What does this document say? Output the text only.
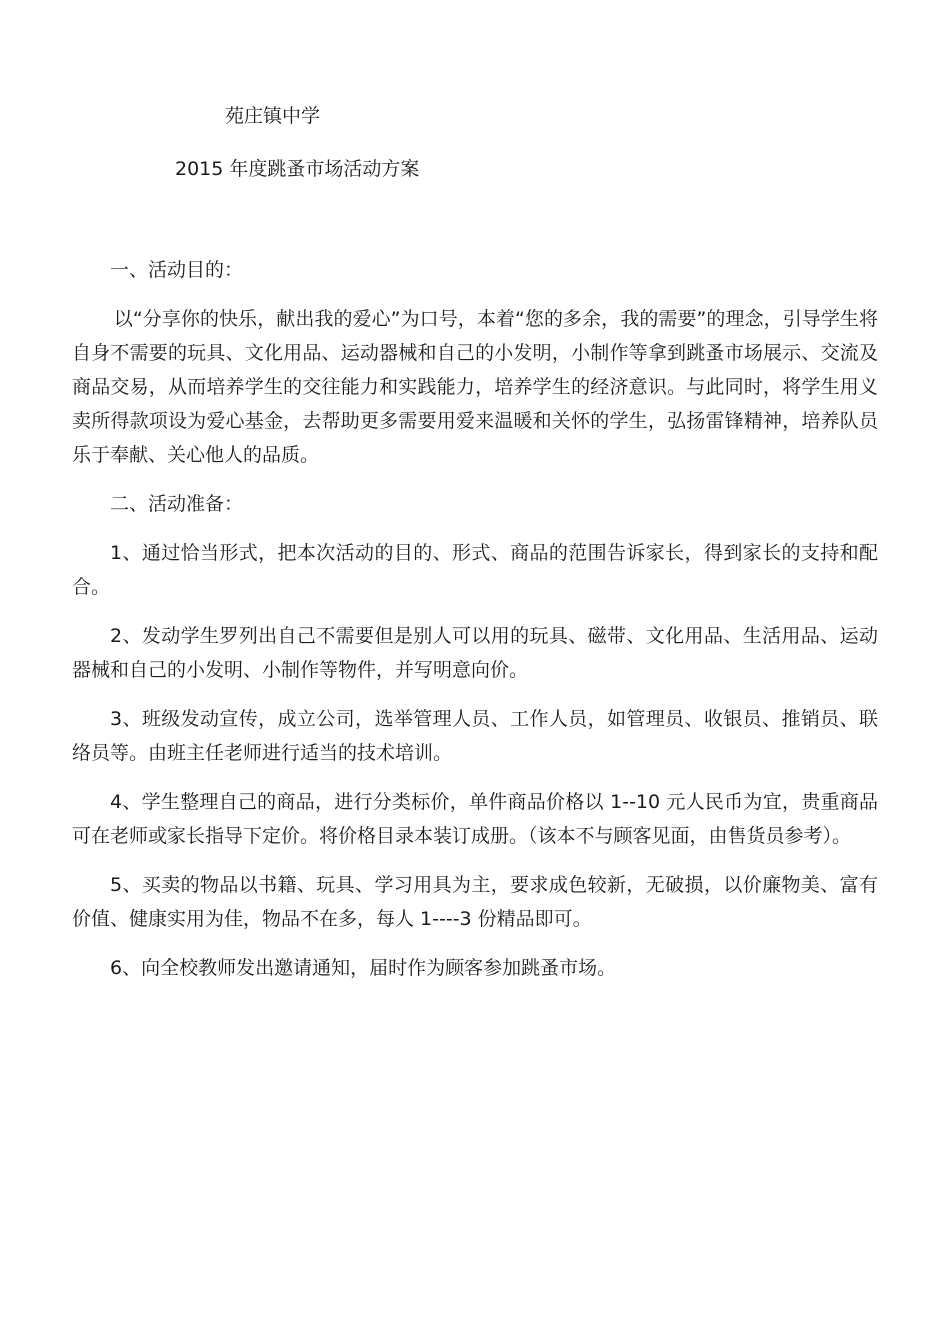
苑庄镇中学
2015 年度跳蚤市场活动方案

一、活动目的：

以“分享你的快乐，献出我的爱心”为口号，本着“您的多余，我的需要”的理念，引导学生将自身不需要的玩具、文化用品、运动器械和自己的小发明，小制作等拿到跳蚤市场展示、交流及商品交易，从而培养学生的交往能力和实践能力，培养学生的经济意识。与此同时，将学生用义卖所得款项设为爱心基金，去帮助更多需要用爱来温暖和关怀的学生，弘扬雷锋精神，培养队员乐于奉献、关心他人的品质。

二、活动准备：

1、通过恰当形式，把本次活动的目的、形式、商品的范围告诉家长，得到家长的支持和配合。

2、发动学生罗列出自己不需要但是别人可以用的玩具、磁带、文化用品、生活用品、运动器械和自己的小发明、小制作等物件，并写明意向价。

3、班级发动宣传，成立公司，选举管理人员、工作人员，如管理员、收银员、推销员、联络员等。由班主任老师进行适当的技术培训。

4、学生整理自己的商品，进行分类标价，单件商品价格以 1--10 元人民币为宜，贵重商品可在老师或家长指导下定价。将价格目录本装订成册。（该本不与顾客见面，由售货员参考）。

5、买卖的物品以书籍、玩具、学习用具为主，要求成色较新，无破损，以价廉物美、富有价值、健康实用为佳，物品不在多，每人 1----3 份精品即可。

6、向全校教师发出邀请通知，届时作为顾客参加跳蚤市场。
